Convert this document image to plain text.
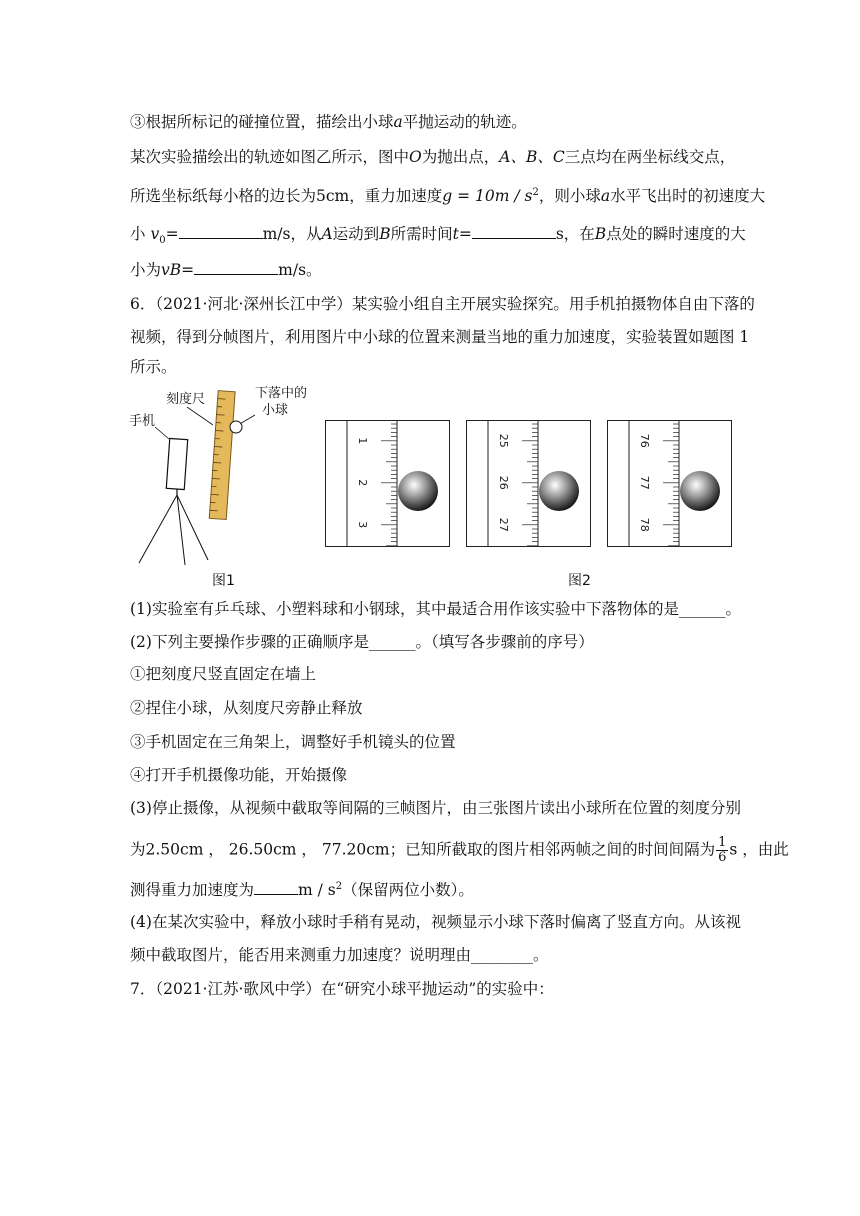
③根据所标记的碰撞位置，描绘出小球a平抛运动的轨迹。
某次实验描绘出的轨迹如图乙所示，图中O为抛出点，A、B、C三点均在两坐标线交点，
所选坐标纸每小格的边长为5cm，重力加速度$g = 10m / s^2$，则小球a水平飞出时的初速度大
小 $v_0=$	m/s，从A运动到B所需时间t=	s，在B点处的瞬时速度的大
小为vB=	m/s。
6．（2021·河北·深州长江中学）某实验小组自主开展实验探究。用手机拍摄物体自由下落的
视频，得到分帧图片，利用图片中小球的位置来测量当地的重力加速度，实验装置如题图 1
所示。
刻度尺	下落中的
小球
手机
图1
1
2
3
25
26
27
76
77
78
图2
(1)实验室有乒乓球、小塑料球和小钢球，其中最适合用作该实验中下落物体的是______。
(2)下列主要操作步骤的正确顺序是______。（填写各步骤前的序号）
①把刻度尺竖直固定在墙上
②捏住小球，从刻度尺旁静止释放
③手机固定在三角架上，调整好手机镜头的位置
④打开手机摄像功能，开始摄像
(3)停止摄像，从视频中截取等间隔的三帧图片，由三张图片读出小球所在位置的刻度分别
为2.50cm ， 26.50cm ， 77.20cm；已知所截取的图片相邻两帧之间的时间间隔为 $\frac{1}{6}$ s ，由此
测得重力加速度为	m / $s^2$（保留两位小数）。
(4)在某次实验中，释放小球时手稍有晃动，视频显示小球下落时偏离了竖直方向。从该视
频中截取图片，能否用来测重力加速度？说明理由________。
7．（2021·江苏·歌风中学）在“研究小球平抛运动”的实验中：
